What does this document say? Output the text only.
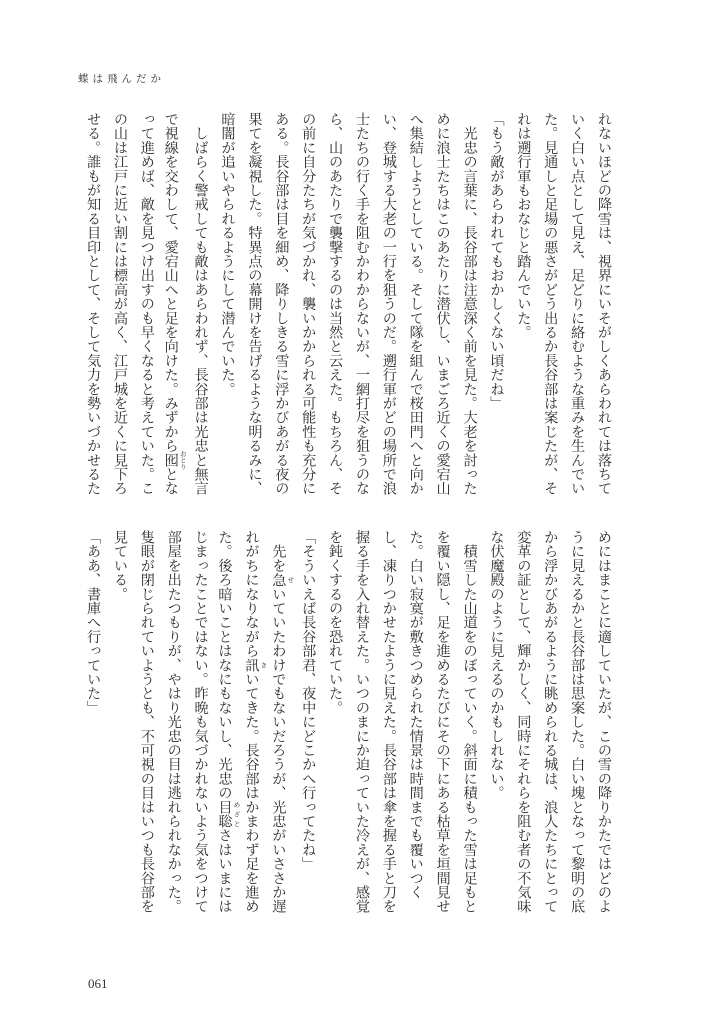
蝶は飛んだか
れないほどの降雪は、視界にいそがしくあらわれては落ちて
いく白い点として見え、足どりに絡むような重みを生んでい
た。見通しと足場の悪さがどう出るか長谷部は案じたが、そ
れは遡行軍もおなじと踏んでいた。
「もう敵があらわれてもおかしくない頃だね」
　光忠の言葉に、長谷部は注意深く前を見た。大老を討った
めに浪士たちはこのあたりに潜伏し、いまごろ近くの愛宕山
へ集結しようとしている。そして隊を組んで桜田門へと向か
い、登城する大老の一行を狙うのだ。遡行軍がどの場所で浪
士たちの行く手を阻むかわからないが、一網打尽を狙うのな
ら、山のあたりで襲撃するのは当然と云えた。もちろん、そ
の前に自分たちが気づかれ、襲いかかられる可能性も充分に
ある。長谷部は目を細め、降りしきる雪に浮かびあがる夜の
果てを凝視した。特異点の幕開けを告げるような明るみに、
暗闇が追いやられるようにして潜んでいた。
　しばらく警戒しても敵はあらわれず、長谷部は光忠と無言
で視線を交わして、愛宕山へと足を向けた。みずから囮 おとりとな
って進めば、敵を見つけ出すのも早くなると考えていた。こ
の山は江戸に近い割には標高が高く、江戸城を近くに見下ろ
せる。誰もが知る目印として、そして気力を勢いづかせるた
めにはまことに適していたが、この雪の降りかたではどのよ
うに見えるかと長谷部は思案した。白い塊となって黎明の底
から浮かびあがるように眺められる城は、浪人たちにとって
変革の証として、輝かしく、同時にそれらを阻む者の不気味
な伏魔殿のように見えるのかもしれない。
　積雪した山道をのぼっていく。斜面に積もった雪は足もと
を覆い隠し、足を進めるたびにその下にある枯草を垣間見せ
た。白い寂寞が敷きつめられた情景は時間までも覆いつく
し、凍りつかせたように見えた。長谷部は傘を握る手と刀を
握る手を入れ替えた。いつのまにか迫っていた冷えが、感覚
を鈍くするのを恐れていた。
「そういえば長谷部君、夜中にどこかへ行ってたね」
　先を急 せいていたわけでもないだろうが、光忠がいささか遅
れがちになりながら訊 きいてきた。長谷部はかまわず足を進め
た。後ろ暗いことはなにもないし、光忠の目聡 めざとさはいまには
じまったことではない。昨晩も気づかれないよう気をつけて
部屋を出たつもりが、やはり光忠の目は逃れられなかった。
隻眼が閉じられていようとも、不可視の目はいつも長谷部を
見ている。
「ああ、書庫へ行っていた」
061
